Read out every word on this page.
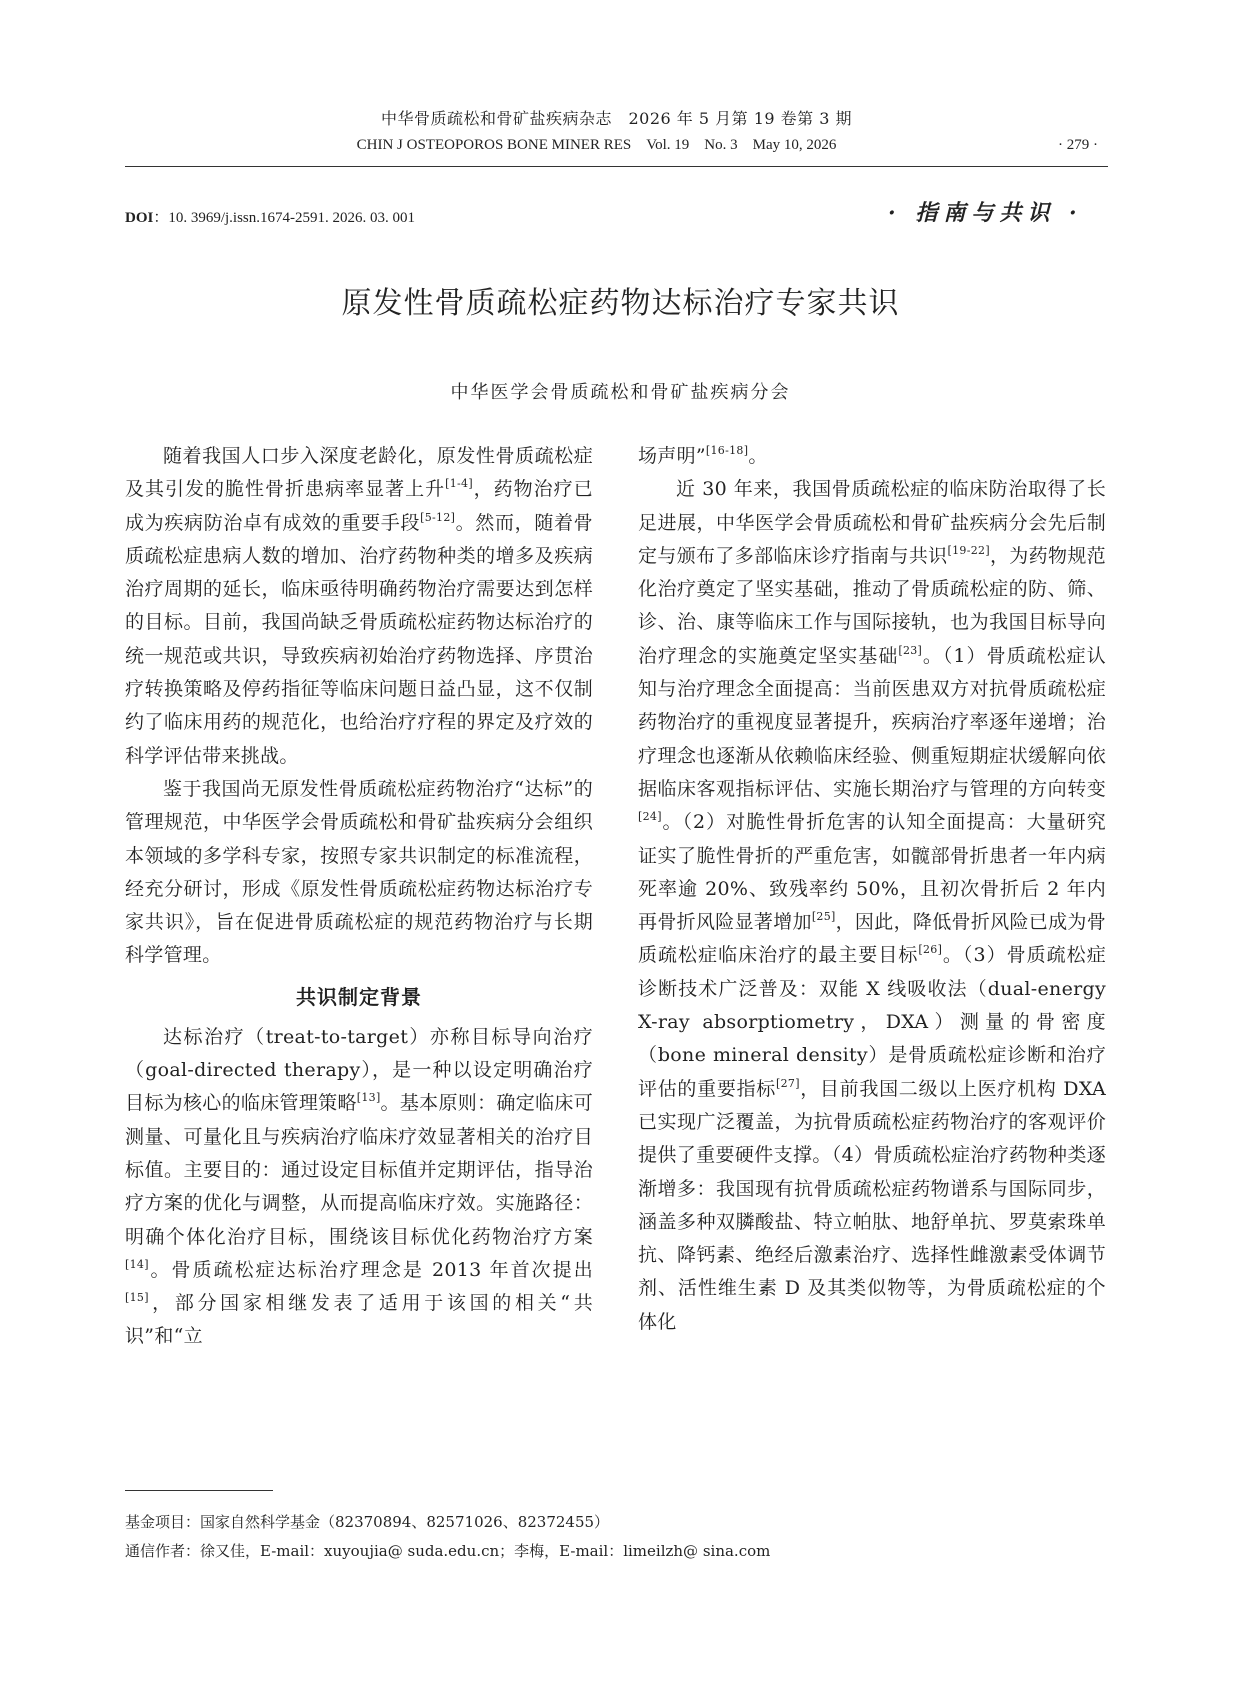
中华骨质疏松和骨矿盐疾病杂志　2026 年 5 月第 19 卷第 3 期
CHIN J OSTEOPOROS BONE MINER RES　Vol. 19　No. 3　May 10, 2026	· 279 ·
DOI：10. 3969/j.issn.1674-2591. 2026. 03. 001	· 指南与共识 ·
原发性骨质疏松症药物达标治疗专家共识
中华医学会骨质疏松和骨矿盐疾病分会

随着我国人口步入深度老龄化，原发性骨质疏松症及其引发的脆性骨折患病率显著上升[1-4]，药物治疗已成为疾病防治卓有成效的重要手段[5-12]。然而，随着骨质疏松症患病人数的增加、治疗药物种类的增多及疾病治疗周期的延长，临床亟待明确药物治疗需要达到怎样的目标。目前，我国尚缺乏骨质疏松症药物达标治疗的统一规范或共识，导致疾病初始治疗药物选择、序贯治疗转换策略及停药指征等临床问题日益凸显，这不仅制约了临床用药的规范化，也给治疗疗程的界定及疗效的科学评估带来挑战。

鉴于我国尚无原发性骨质疏松症药物治疗“达标”的管理规范，中华医学会骨质疏松和骨矿盐疾病分会组织本领域的多学科专家，按照专家共识制定的标准流程，经充分研讨，形成《原发性骨质疏松症药物达标治疗专家共识》，旨在促进骨质疏松症的规范药物治疗与长期科学管理。

共识制定背景

达标治疗（treat-to-target）亦称目标导向治疗（goal-directed therapy），是一种以设定明确治疗目标为核心的临床管理策略[13]。基本原则：确定临床可测量、可量化且与疾病治疗临床疗效显著相关的治疗目标值。主要目的：通过设定目标值并定期评估，指导治疗方案的优化与调整，从而提高临床疗效。实施路径：明确个体化治疗目标，围绕该目标优化药物治疗方案[14]。骨质疏松症达标治疗理念是 2013 年首次提出[15]，部分国家相继发表了适用于该国的相关“共识”和“立

场声明”[16-18]。

近 30 年来，我国骨质疏松症的临床防治取得了长足进展，中华医学会骨质疏松和骨矿盐疾病分会先后制定与颁布了多部临床诊疗指南与共识[19-22]，为药物规范化治疗奠定了坚实基础，推动了骨质疏松症的防、筛、诊、治、康等临床工作与国际接轨，也为我国目标导向治疗理念的实施奠定坚实基础[23]。（1）骨质疏松症认知与治疗理念全面提高：当前医患双方对抗骨质疏松症药物治疗的重视度显著提升，疾病治疗率逐年递增；治疗理念也逐渐从依赖临床经验、侧重短期症状缓解向依据临床客观指标评估、实施长期治疗与管理的方向转变[24]。（2）对脆性骨折危害的认知全面提高：大量研究证实了脆性骨折的严重危害，如髋部骨折患者一年内病死率逾 20%、致残率约 50%，且初次骨折后 2 年内再骨折风险显著增加[25]，因此，降低骨折风险已成为骨质疏松症临床治疗的最主要目标[26]。（3）骨质疏松症诊断技术广泛普及：双能 X 线吸收法（dual-energy X-ray absorptiometry，DXA）测量的骨密度（bone mineral density）是骨质疏松症诊断和治疗评估的重要指标[27]，目前我国二级以上医疗机构 DXA 已实现广泛覆盖，为抗骨质疏松症药物治疗的客观评价提供了重要硬件支撑。（4）骨质疏松症治疗药物种类逐渐增多：我国现有抗骨质疏松症药物谱系与国际同步，涵盖多种双膦酸盐、特立帕肽、地舒单抗、罗莫索珠单抗、降钙素、绝经后激素治疗、选择性雌激素受体调节剂、活性维生素 D 及其类似物等，为骨质疏松症的个体化

基金项目：国家自然科学基金（82370894、82571026、82372455）
通信作者：徐又佳，E-mail：xuyoujia@ suda.edu.cn；李梅，E-mail：limeilzh@ sina.com
